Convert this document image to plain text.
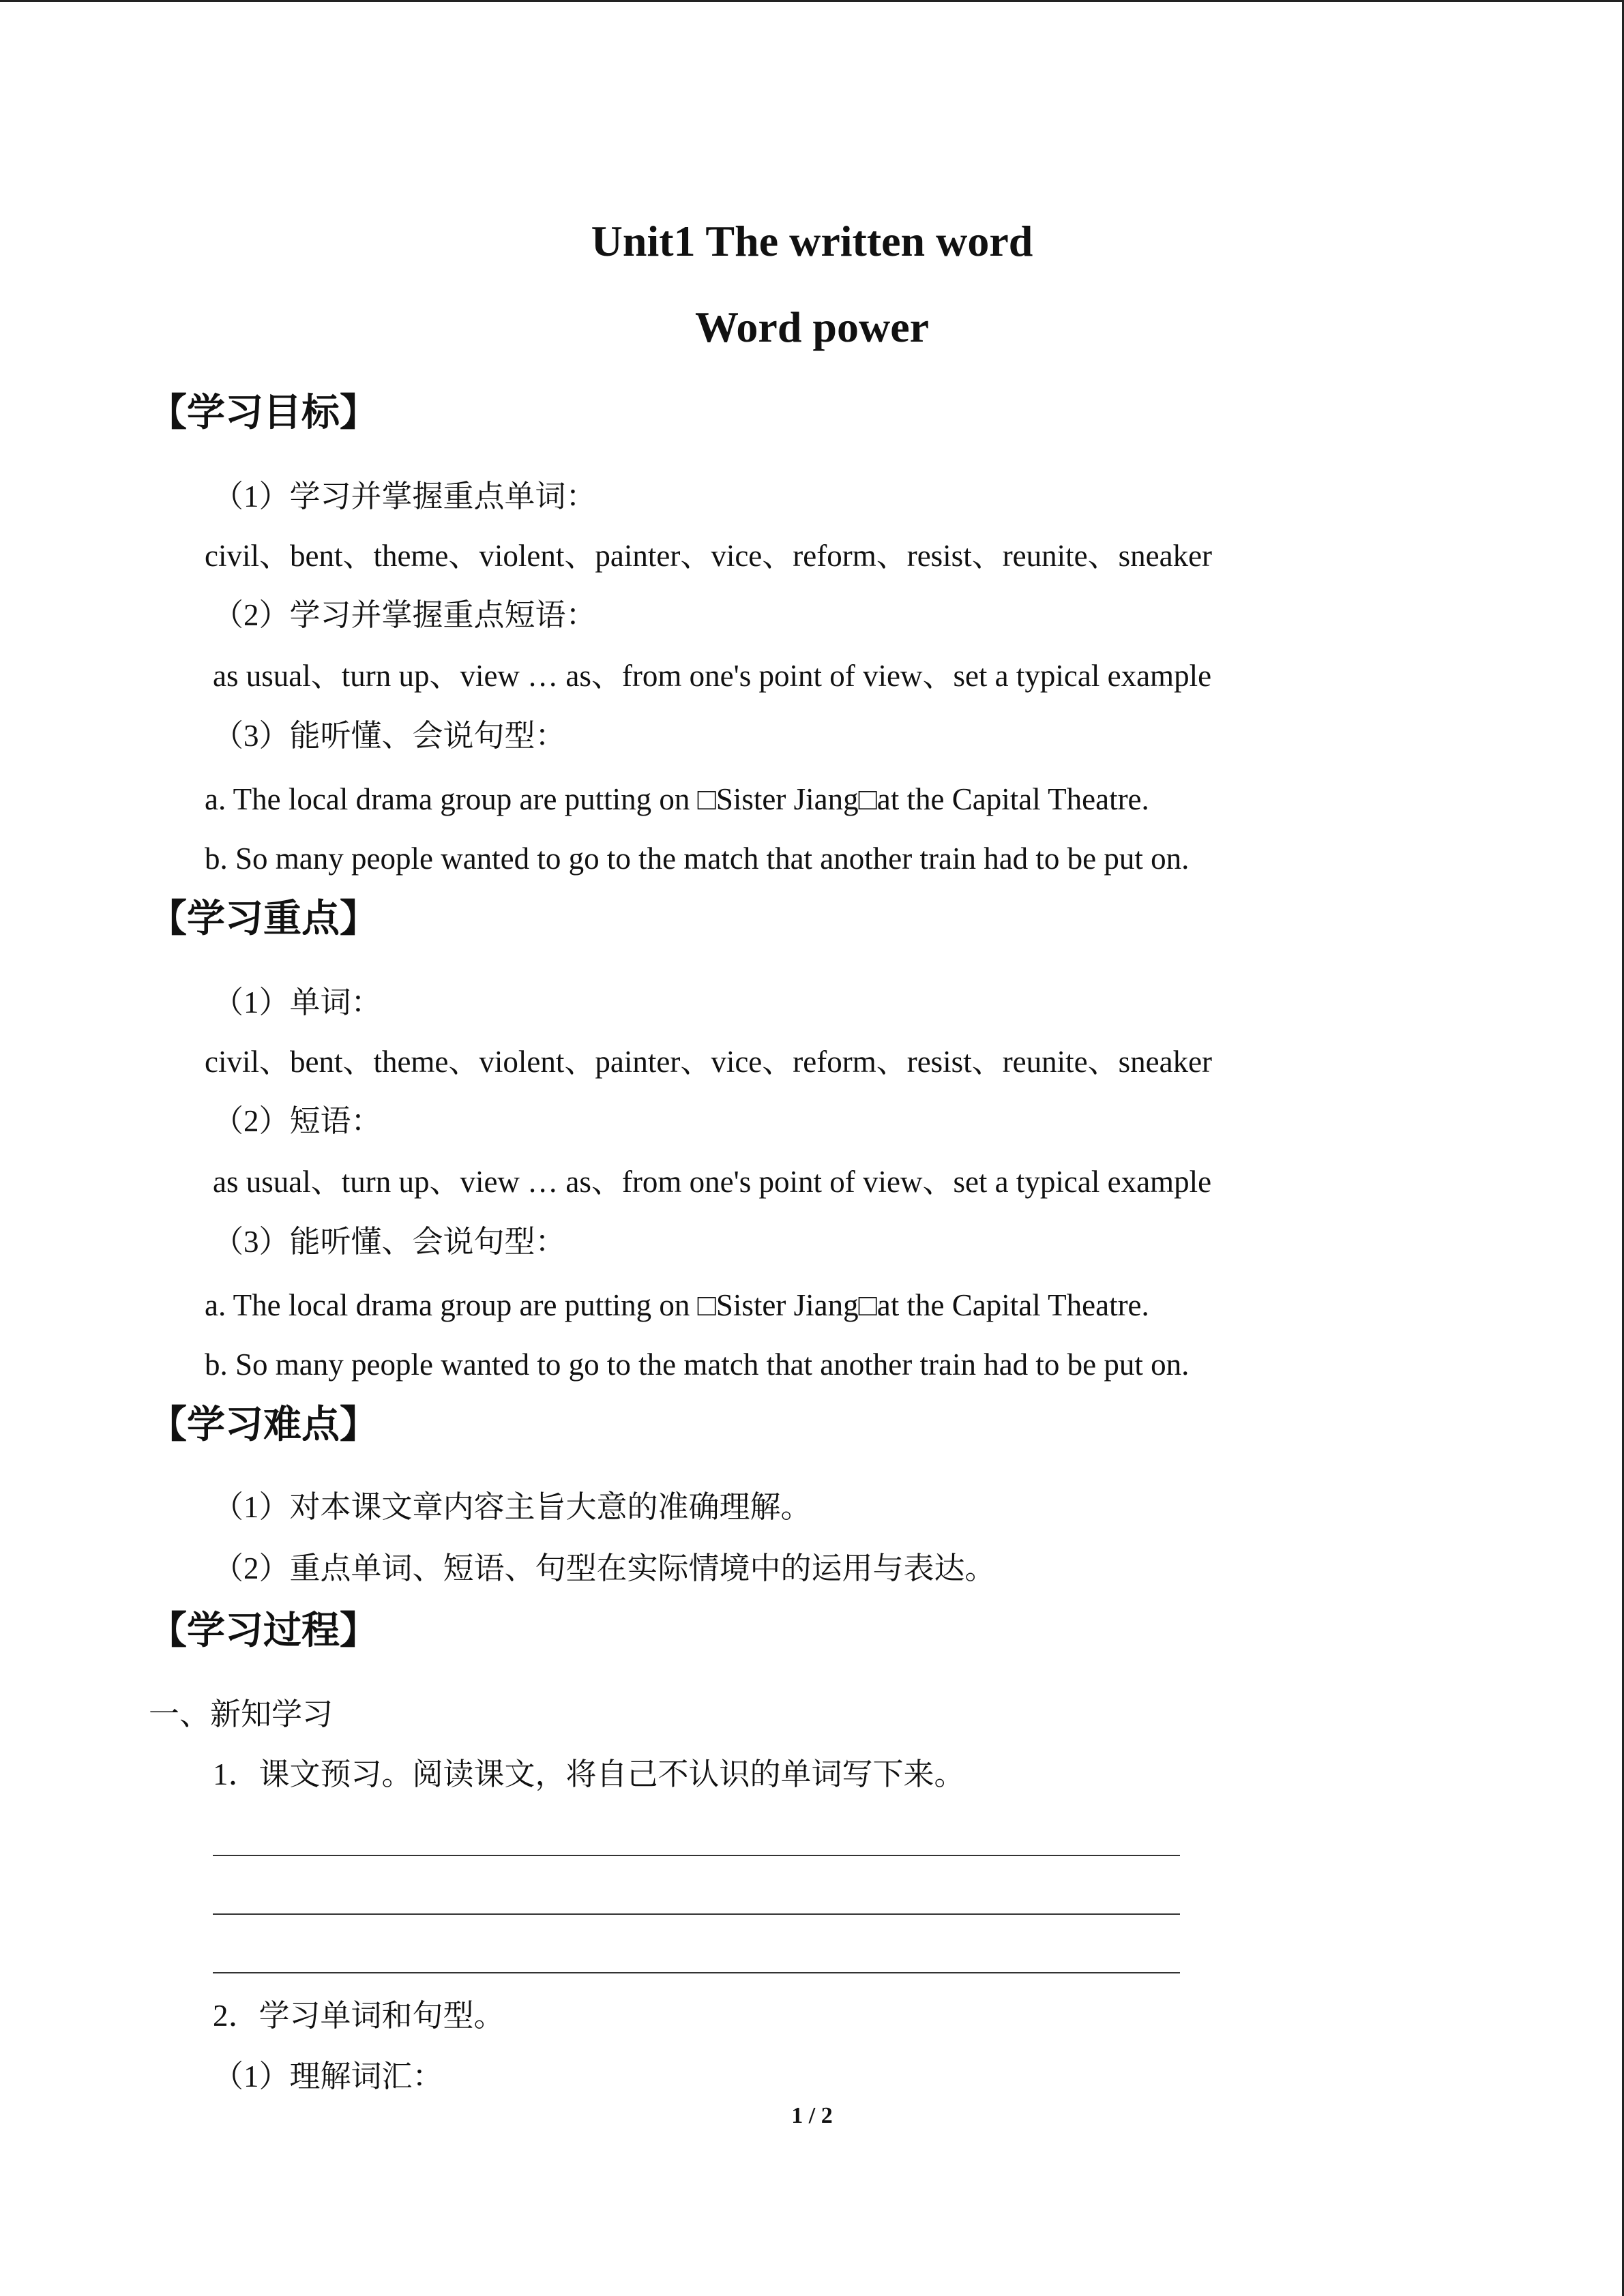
Unit1 The written word
Word power
【学习目标】
（1）学习并掌握重点单词：
civil、bent、theme、violent、painter、vice、reform、resist、reunite、sneaker
（2）学习并掌握重点短语：
as usual、turn up、view … as、from one's point of view、set a typical example
（3）能听懂、会说句型：
a. The local drama group are putting on □Sister Jiang□at the Capital Theatre.
b. So many people wanted to go to the match that another train had to be put on.
【学习重点】
（1）单词：
civil、bent、theme、violent、painter、vice、reform、resist、reunite、sneaker
（2）短语：
as usual、turn up、view … as、from one's point of view、set a typical example
（3）能听懂、会说句型：
a. The local drama group are putting on □Sister Jiang□at the Capital Theatre.
b. So many people wanted to go to the match that another train had to be put on.
【学习难点】
（1）对本课文章内容主旨大意的准确理解。
（2）重点单词、短语、句型在实际情境中的运用与表达。
【学习过程】
一、新知学习
1．课文预习。阅读课文，将自己不认识的单词写下来。
2．学习单词和句型。
（1）理解词汇：
1 / 2
